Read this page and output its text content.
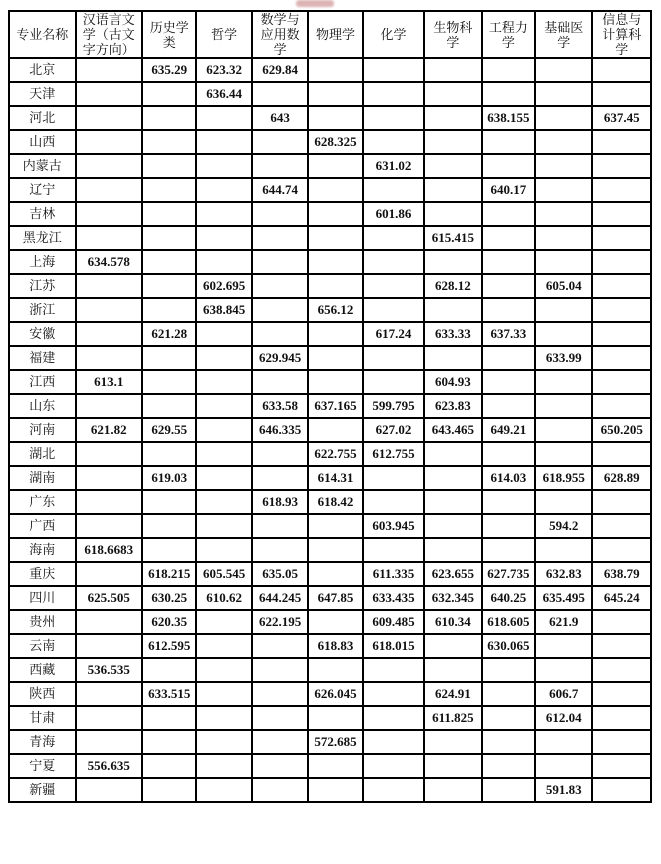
专业名称	汉语言文学（古文字方向）	历史学类	哲学	数学与应用数学	物理学	化学	生物科学	工程力学	基础医学	信息与计算科学
北京		635.29	623.32	629.84						
天津			636.44							
河北				643				638.155		637.45
山西					628.325					
内蒙古						631.02				
辽宁				644.74				640.17		
吉林						601.86				
黑龙江							615.415			
上海	634.578									
江苏			602.695				628.12		605.04	
浙江			638.845		656.12					
安徽		621.28				617.24	633.33	637.33		
福建				629.945					633.99	
江西	613.1						604.93			
山东				633.58	637.165	599.795	623.83			
河南	621.82	629.55		646.335		627.02	643.465	649.21		650.205
湖北					622.755	612.755				
湖南		619.03			614.31			614.03	618.955	628.89
广东				618.93	618.42					
广西						603.945			594.2	
海南	618.6683									
重庆		618.215	605.545	635.05		611.335	623.655	627.735	632.83	638.79
四川	625.505	630.25	610.62	644.245	647.85	633.435	632.345	640.25	635.495	645.24
贵州		620.35		622.195		609.485	610.34	618.605	621.9	
云南		612.595			618.83	618.015		630.065		
西藏	536.535									
陕西		633.515			626.045		624.91		606.7	
甘肃							611.825		612.04	
青海					572.685					
宁夏	556.635									
新疆									591.83	
